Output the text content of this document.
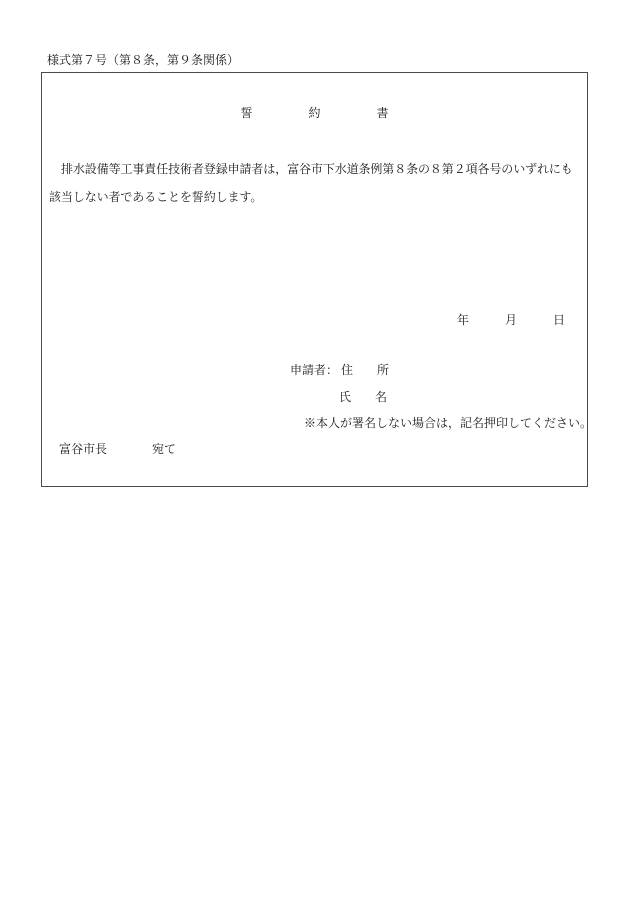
様式第７号（第８条，第９条関係）
誓	約	書
排水設備等工事責任技術者登録申請者は，富谷市下水道条例第８条の８第２項各号のいずれにも該当しない者であることを誓約します。
年	月	日
申請者： 住　　所
氏　　名
※本人が署名しない場合は，記名押印してください。
富谷市長	宛て
